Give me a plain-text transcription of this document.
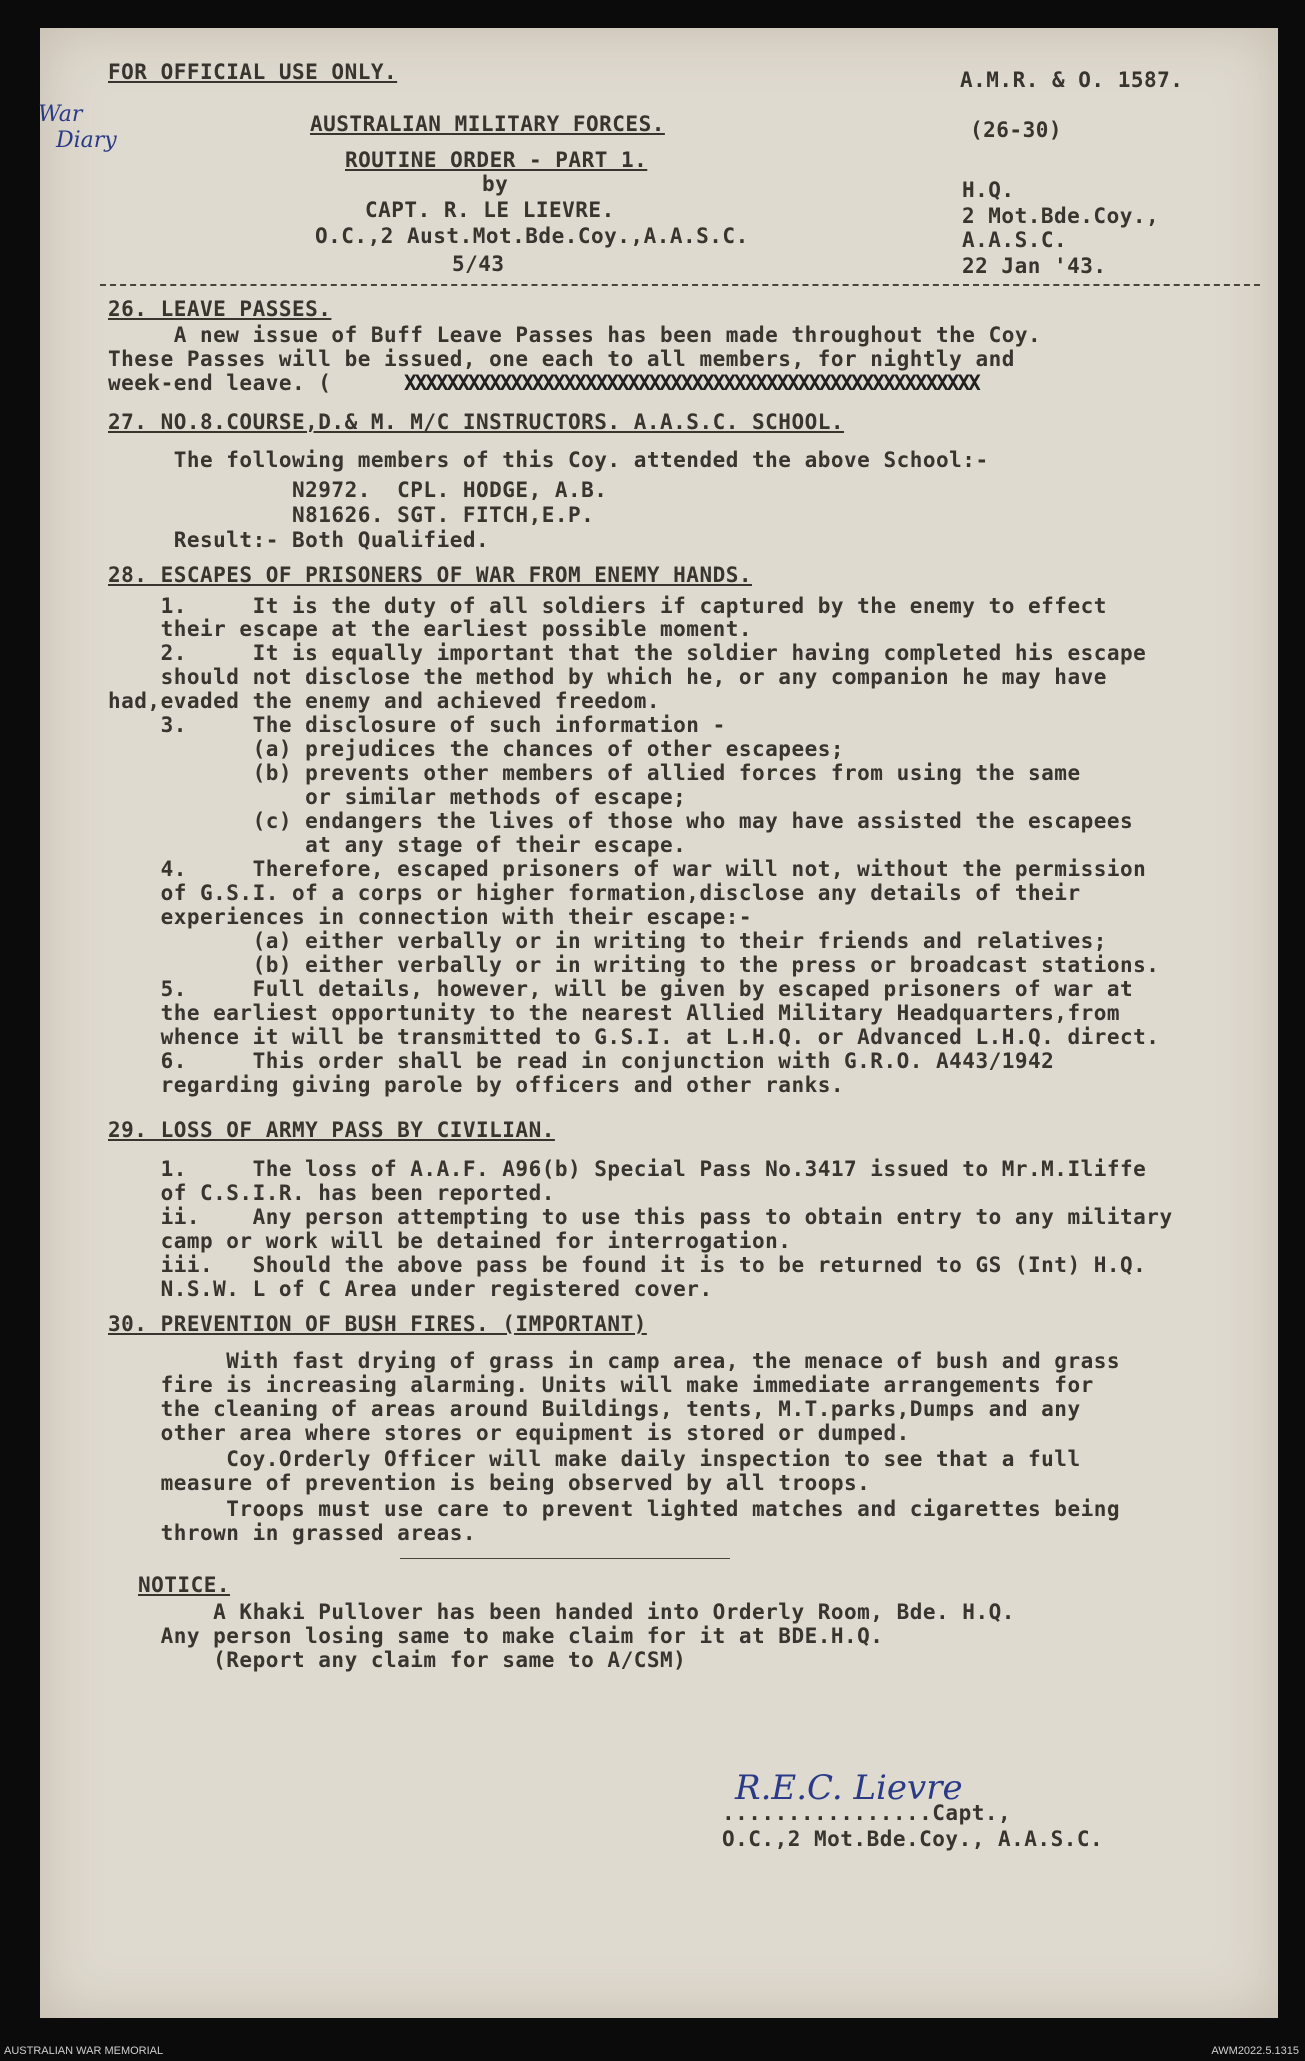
FOR OFFICIAL USE ONLY.	A.M.R. & O. 1587.
War
Diary
AUSTRALIAN MILITARY FORCES.	(26-30)
ROUTINE ORDER - PART 1.
by
CAPT. R. LE LIEVRE.
O.C.,2 Aust.Mot.Bde.Coy.,A.A.S.C.
5/43
H.Q.
2 Mot.Bde.Coy.,
A.A.S.C.
22 Jan '43.
26. LEAVE PASSES.
A new issue of Buff Leave Passes has been made throughout the Coy.
These Passes will be issued, one each to all members, for nightly and
week-end leave. (	XXXXXXXXXXXXXXXXXXXXXXXXXXXXXXXXXXXXXXXXXXXXXXXXXXXXXX
27. NO.8.COURSE,D.& M. M/C INSTRUCTORS. A.A.S.C. SCHOOL.
The following members of this Coy. attended the above School:-
N2972.  CPL. HODGE, A.B.
N81626. SGT. FITCH,E.P.
Result:- Both Qualified.
28. ESCAPES OF PRISONERS OF WAR FROM ENEMY HANDS.
1.     It is the duty of all soldiers if captured by the enemy to effect
their escape at the earliest possible moment.
2.     It is equally important that the soldier having completed his escape
should not disclose the method by which he, or any companion he may have
had,evaded the enemy and achieved freedom.
3.     The disclosure of such information -
(a) prejudices the chances of other escapees;
(b) prevents other members of allied forces from using the same
or similar methods of escape;
(c) endangers the lives of those who may have assisted the escapees
at any stage of their escape.
4.     Therefore, escaped prisoners of war will not, without the permission
of G.S.I. of a corps or higher formation,disclose any details of their
experiences in connection with their escape:-
(a) either verbally or in writing to their friends and relatives;
(b) either verbally or in writing to the press or broadcast stations.
5.     Full details, however, will be given by escaped prisoners of war at
the earliest opportunity to the nearest Allied Military Headquarters,from
whence it will be transmitted to G.S.I. at L.H.Q. or Advanced L.H.Q. direct.
6.     This order shall be read in conjunction with G.R.O. A443/1942
regarding giving parole by officers and other ranks.
29. LOSS OF ARMY PASS BY CIVILIAN.
1.     The loss of A.A.F. A96(b) Special Pass No.3417 issued to Mr.M.Iliffe
of C.S.I.R. has been reported.
ii.    Any person attempting to use this pass to obtain entry to any military
camp or work will be detained for interrogation.
iii.   Should the above pass be found it is to be returned to GS (Int) H.Q.
N.S.W. L of C Area under registered cover.
30. PREVENTION OF BUSH FIRES. (IMPORTANT)
With fast drying of grass in camp area, the menace of bush and grass
fire is increasing alarming. Units will make immediate arrangements for
the cleaning of areas around Buildings, tents, M.T.parks,Dumps and any
other area where stores or equipment is stored or dumped.
Coy.Orderly Officer will make daily inspection to see that a full
measure of prevention is being observed by all troops.
Troops must use care to prevent lighted matches and cigarettes being
thrown in grassed areas.
NOTICE.
A Khaki Pullover has been handed into Orderly Room, Bde. H.Q.
Any person losing same to make claim for it at BDE.H.Q.
(Report any claim for same to A/CSM)
R.E.C. Lievre
................Capt.,
O.C.,2 Mot.Bde.Coy., A.A.S.C.
AUSTRALIAN WAR MEMORIAL	AWM2022.5.1315
